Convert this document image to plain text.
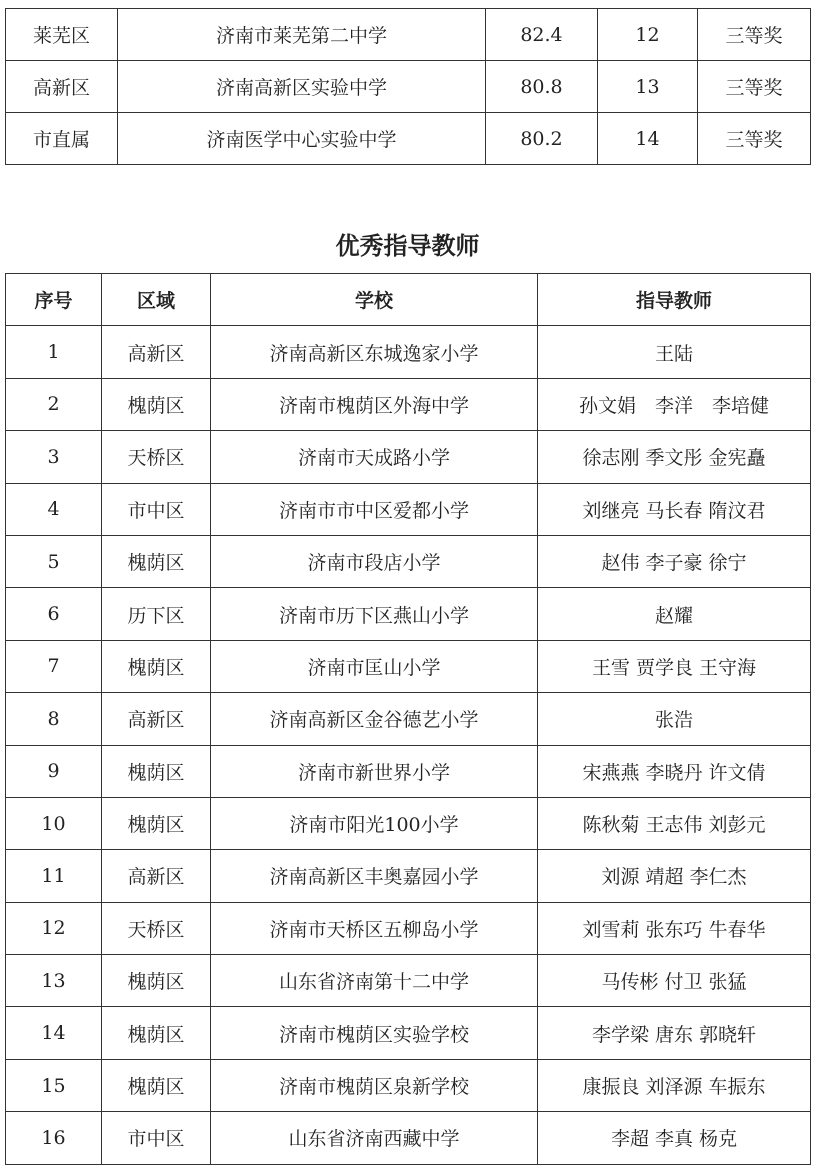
莱芜区	济南市莱芜第二中学	82.4	12	三等奖
高新区	济南高新区实验中学	80.8	13	三等奖
市直属	济南医学中心实验中学	80.2	14	三等奖
优秀指导教师
序号	区域	学校	指导教师
1	高新区	济南高新区东城逸家小学	王陆
2	槐荫区	济南市槐荫区外海中学	孙文娟　李洋　李培健
3	天桥区	济南市天成路小学	徐志刚 季文彤 金宪矗
4	市中区	济南市市中区爱都小学	刘继亮 马长春 隋汶君
5	槐荫区	济南市段店小学	赵伟 李子豪 徐宁
6	历下区	济南市历下区燕山小学	赵耀
7	槐荫区	济南市匡山小学	王雪 贾学良 王守海
8	高新区	济南高新区金谷德艺小学	张浩
9	槐荫区	济南市新世界小学	宋燕燕 李晓丹 许文倩
10	槐荫区	济南市阳光100小学	陈秋菊 王志伟 刘彭元
11	高新区	济南高新区丰奥嘉园小学	刘源 靖超 李仁杰
12	天桥区	济南市天桥区五柳岛小学	刘雪莉 张东巧 牛春华
13	槐荫区	山东省济南第十二中学	马传彬 付卫 张猛
14	槐荫区	济南市槐荫区实验学校	李学梁 唐东 郭晓轩
15	槐荫区	济南市槐荫区泉新学校	康振良 刘泽源 车振东
16	市中区	山东省济南西藏中学	李超 李真 杨克
